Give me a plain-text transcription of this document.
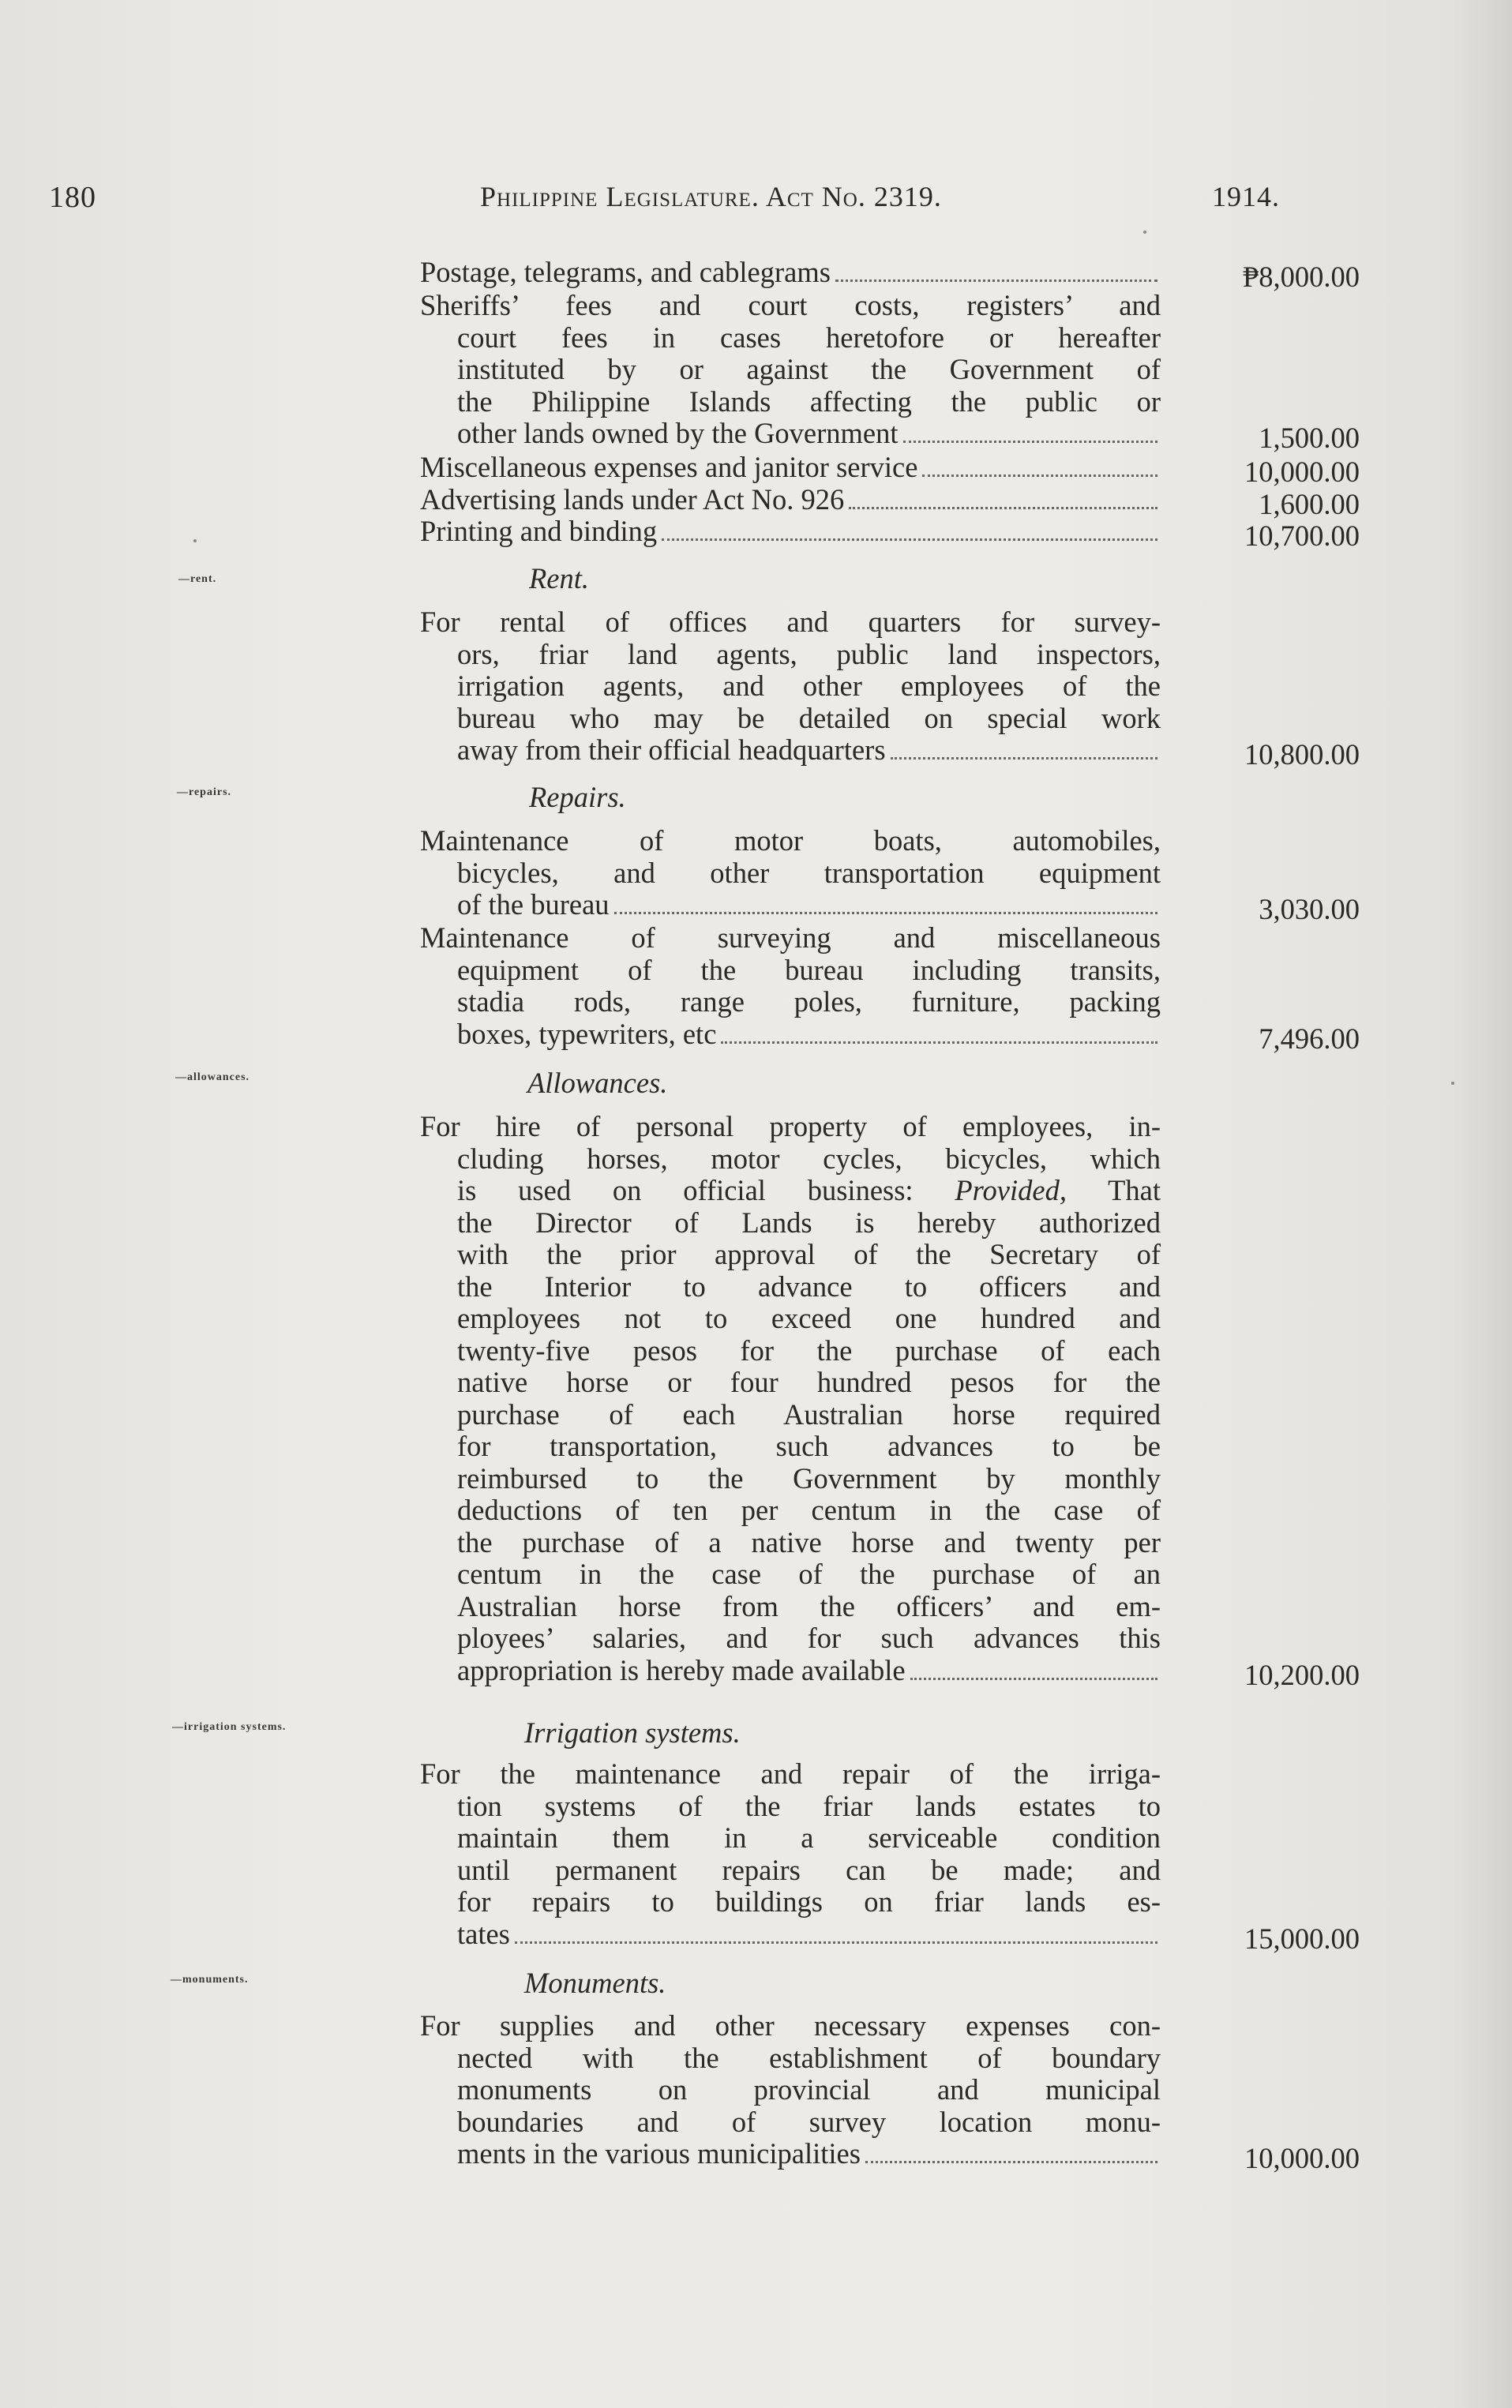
180	Philippine Legislature. Act No. 2319.	1914.
—rent.
—repairs.
—allowances.
—irrigation systems.
—monuments.
Postage, telegrams, and cablegrams	₱8,000.00
Sheriffs’ fees and court costs, registers’ and
court fees in cases heretofore or hereafter
instituted by or against the Government of
the Philippine Islands affecting the public or
other lands owned by the Government	1,500.00
Miscellaneous expenses and janitor service	10,000.00
Advertising lands under Act No. 926	1,600.00
Printing and binding	10,700.00
Rent.
For rental of offices and quarters for survey-
ors, friar land agents, public land inspectors,
irrigation agents, and other employees of the
bureau who may be detailed on special work
away from their official headquarters	10,800.00
Repairs.
Maintenance of motor boats, automobiles,
bicycles, and other transportation equipment
of the bureau	3,030.00
Maintenance of surveying and miscellaneous
equipment of the bureau including transits,
stadia rods, range poles, furniture, packing
boxes, typewriters, etc	7,496.00
Allowances.
For hire of personal property of employees, in-
cluding horses, motor cycles, bicycles, which
is used on official business: Provided, That
the Director of Lands is hereby authorized
with the prior approval of the Secretary of
the Interior to advance to officers and
employees not to exceed one hundred and
twenty-five pesos for the purchase of each
native horse or four hundred pesos for the
purchase of each Australian horse required
for transportation, such advances to be
reimbursed to the Government by monthly
deductions of ten per centum in the case of
the purchase of a native horse and twenty per
centum in the case of the purchase of an
Australian horse from the officers’ and em-
ployees’ salaries, and for such advances this
appropriation is hereby made available	10,200.00
Irrigation systems.
For the maintenance and repair of the irriga-
tion systems of the friar lands estates to
maintain them in a serviceable condition
until permanent repairs can be made; and
for repairs to buildings on friar lands es-
tates	15,000.00
Monuments.
For supplies and other necessary expenses con-
nected with the establishment of boundary
monuments on provincial and municipal
boundaries and of survey location monu-
ments in the various municipalities	10,000.00
